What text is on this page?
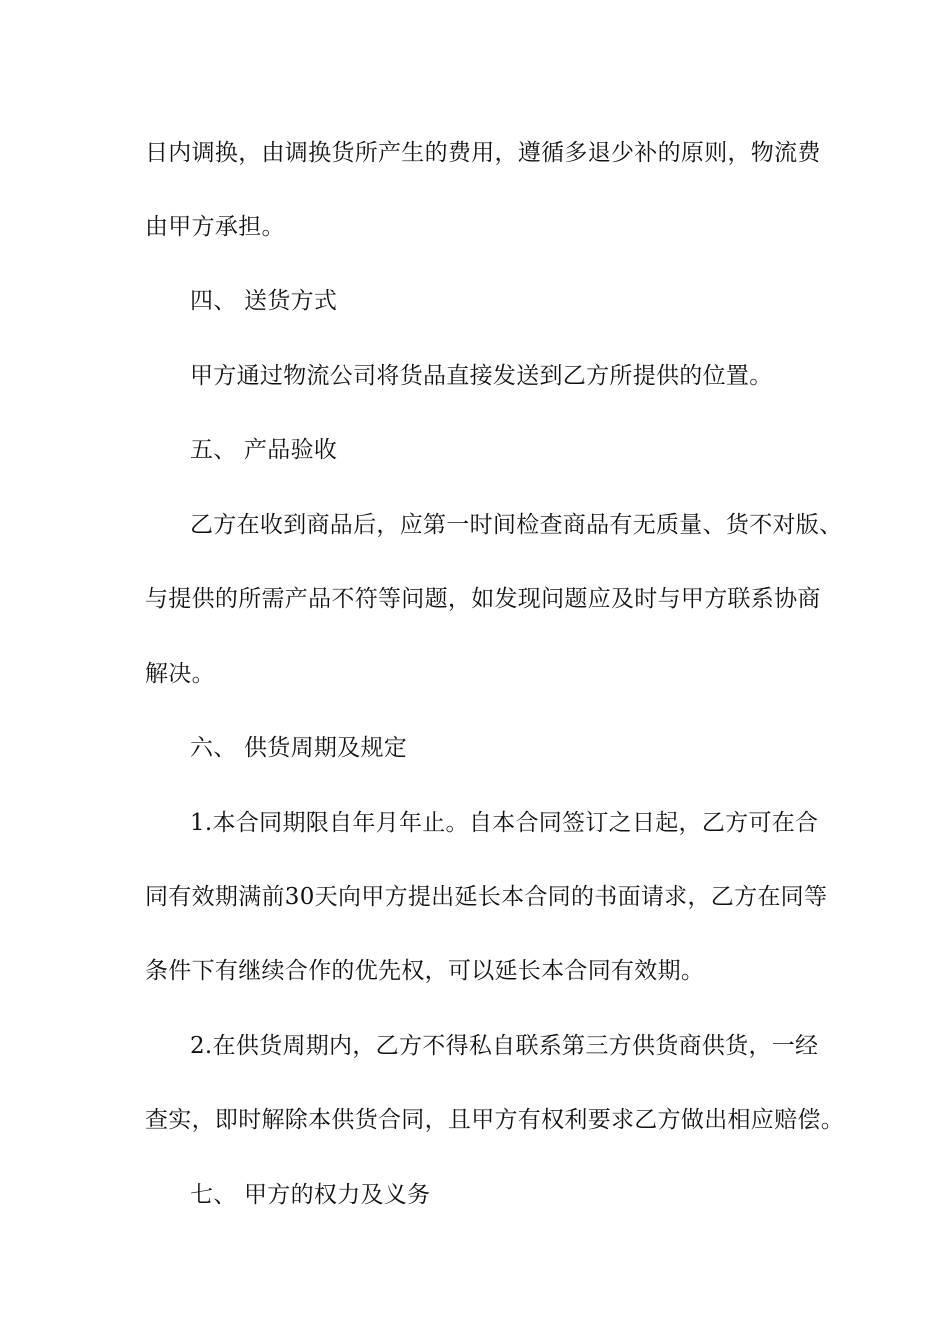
日内调换，由调换货所产生的费用，遵循多退少补的原则，物流费
由甲方承担。
四、 送货方式
甲方通过物流公司将货品直接发送到乙方所提供的位置。
五、 产品验收
乙方在收到商品后，应第一时间检查商品有无质量、货不对版、
与提供的所需产品不符等问题，如发现问题应及时与甲方联系协商
解决。
六、 供货周期及规定
1.本合同期限自年月年止。自本合同签订之日起，乙方可在合
同有效期满前30天向甲方提出延长本合同的书面请求，乙方在同等
条件下有继续合作的优先权，可以延长本合同有效期。
2.在供货周期内，乙方不得私自联系第三方供货商供货，一经
查实，即时解除本供货合同，且甲方有权利要求乙方做出相应赔偿。
七、 甲方的权力及义务
